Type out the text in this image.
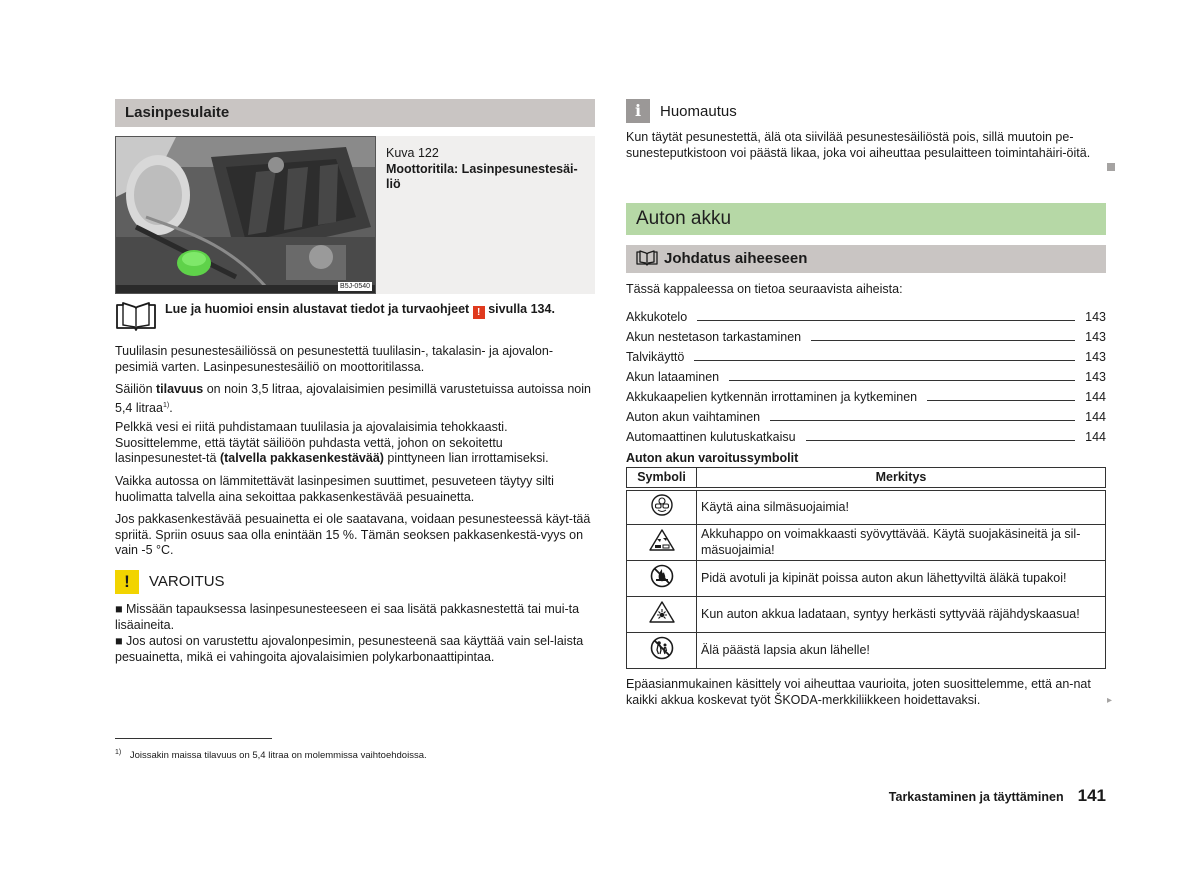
Lasinpesulaite
B5J-0540
Kuva 122
Moottoritila: Lasinpesunestesäi-liö
Lue ja huomioi ensin alustavat tiedot ja turvaohjeet ! sivulla 134.

Tuulilasin pesunestesäiliössä on pesunestettä tuulilasin-, takalasin- ja ajovalon-pesimiä varten. Lasinpesunestesäiliö on moottoritilassa.

Säiliön tilavuus on noin 3,5 litraa, ajovalaisimien pesimillä varustetuissa autoissa noin 5,4 litraa$^{1)}$.

Pelkkä vesi ei riitä puhdistamaan tuulilasia ja ajovalaisimia tehokkaasti. Suosittelemme, että täytät säiliöön puhdasta vettä, johon on sekoitettu lasinpesunestet-tä (talvella pakkasenkestävää) pinttyneen lian irrottamiseksi.

Vaikka autossa on lämmitettävät lasinpesimen suuttimet, pesuveteen täytyy silti huolimatta talvella aina sekoittaa pakkasenkestävää pesuainetta.

Jos pakkasenkestävää pesuainetta ei ole saatavana, voidaan pesunesteessä käyt-tää spriitä. Spriin osuus saa olla enintään 15 %. Tämän seoksen pakkasenkestä-vyys on vain -5 °C.

!	VAROITUS

■ Missään tapauksessa lasinpesunesteeseen ei saa lisätä pakkasnestettä tai mui-ta lisäaineita.

■ Jos autosi on varustettu ajovalonpesimin, pesunesteenä saa käyttää vain sel-laista pesuainetta, mikä ei vahingoita ajovalaisimien polykarbonaattipintaa.

$^{1)}$ Joissakin maissa tilavuus on 5,4 litraa on molemmissa vaihtoehdoissa.
i	Huomautus

Kun täytät pesunestettä, älä ota siivilää pesunestesäiliöstä pois, sillä muutoin pe-sunesteputkistoon voi päästä likaa, joka voi aiheuttaa pesulaitteen toimintahäiri-öitä.

Auton akku
Johdatus aiheeseen

Tässä kappaleessa on tietoa seuraavista aiheista:

Akkukotelo	143
Akun nestetason tarkastaminen	143
Talvikäyttö	143
Akun lataaminen	143
Akkukaapelien kytkennän irrottaminen ja kytkeminen	144
Auton akun vaihtaminen	144
Automaattinen kulutuskatkaisu	144
Auton akun varoitussymbolit
Symboli	Merkitys

	Käytä aina silmäsuojaimia!
	Akkuhappo on voimakkaasti syövyttävää. Käytä suojakäsineitä ja sil-mäsuojaimia!
	Pidä avotuli ja kipinät poissa auton akun lähettyviltä äläkä tupakoi!
	Kun auton akkua ladataan, syntyy herkästi syttyvää räjähdyskaasua!
	Älä päästä lapsia akun lähelle!

Epäasianmukainen käsittely voi aiheuttaa vaurioita, joten suosittelemme, että an-nat kaikki akkua koskevat työt ŠKODA-merkkiliikkeen hoidettavaksi.	▸
Tarkastaminen ja täyttäminen 141
